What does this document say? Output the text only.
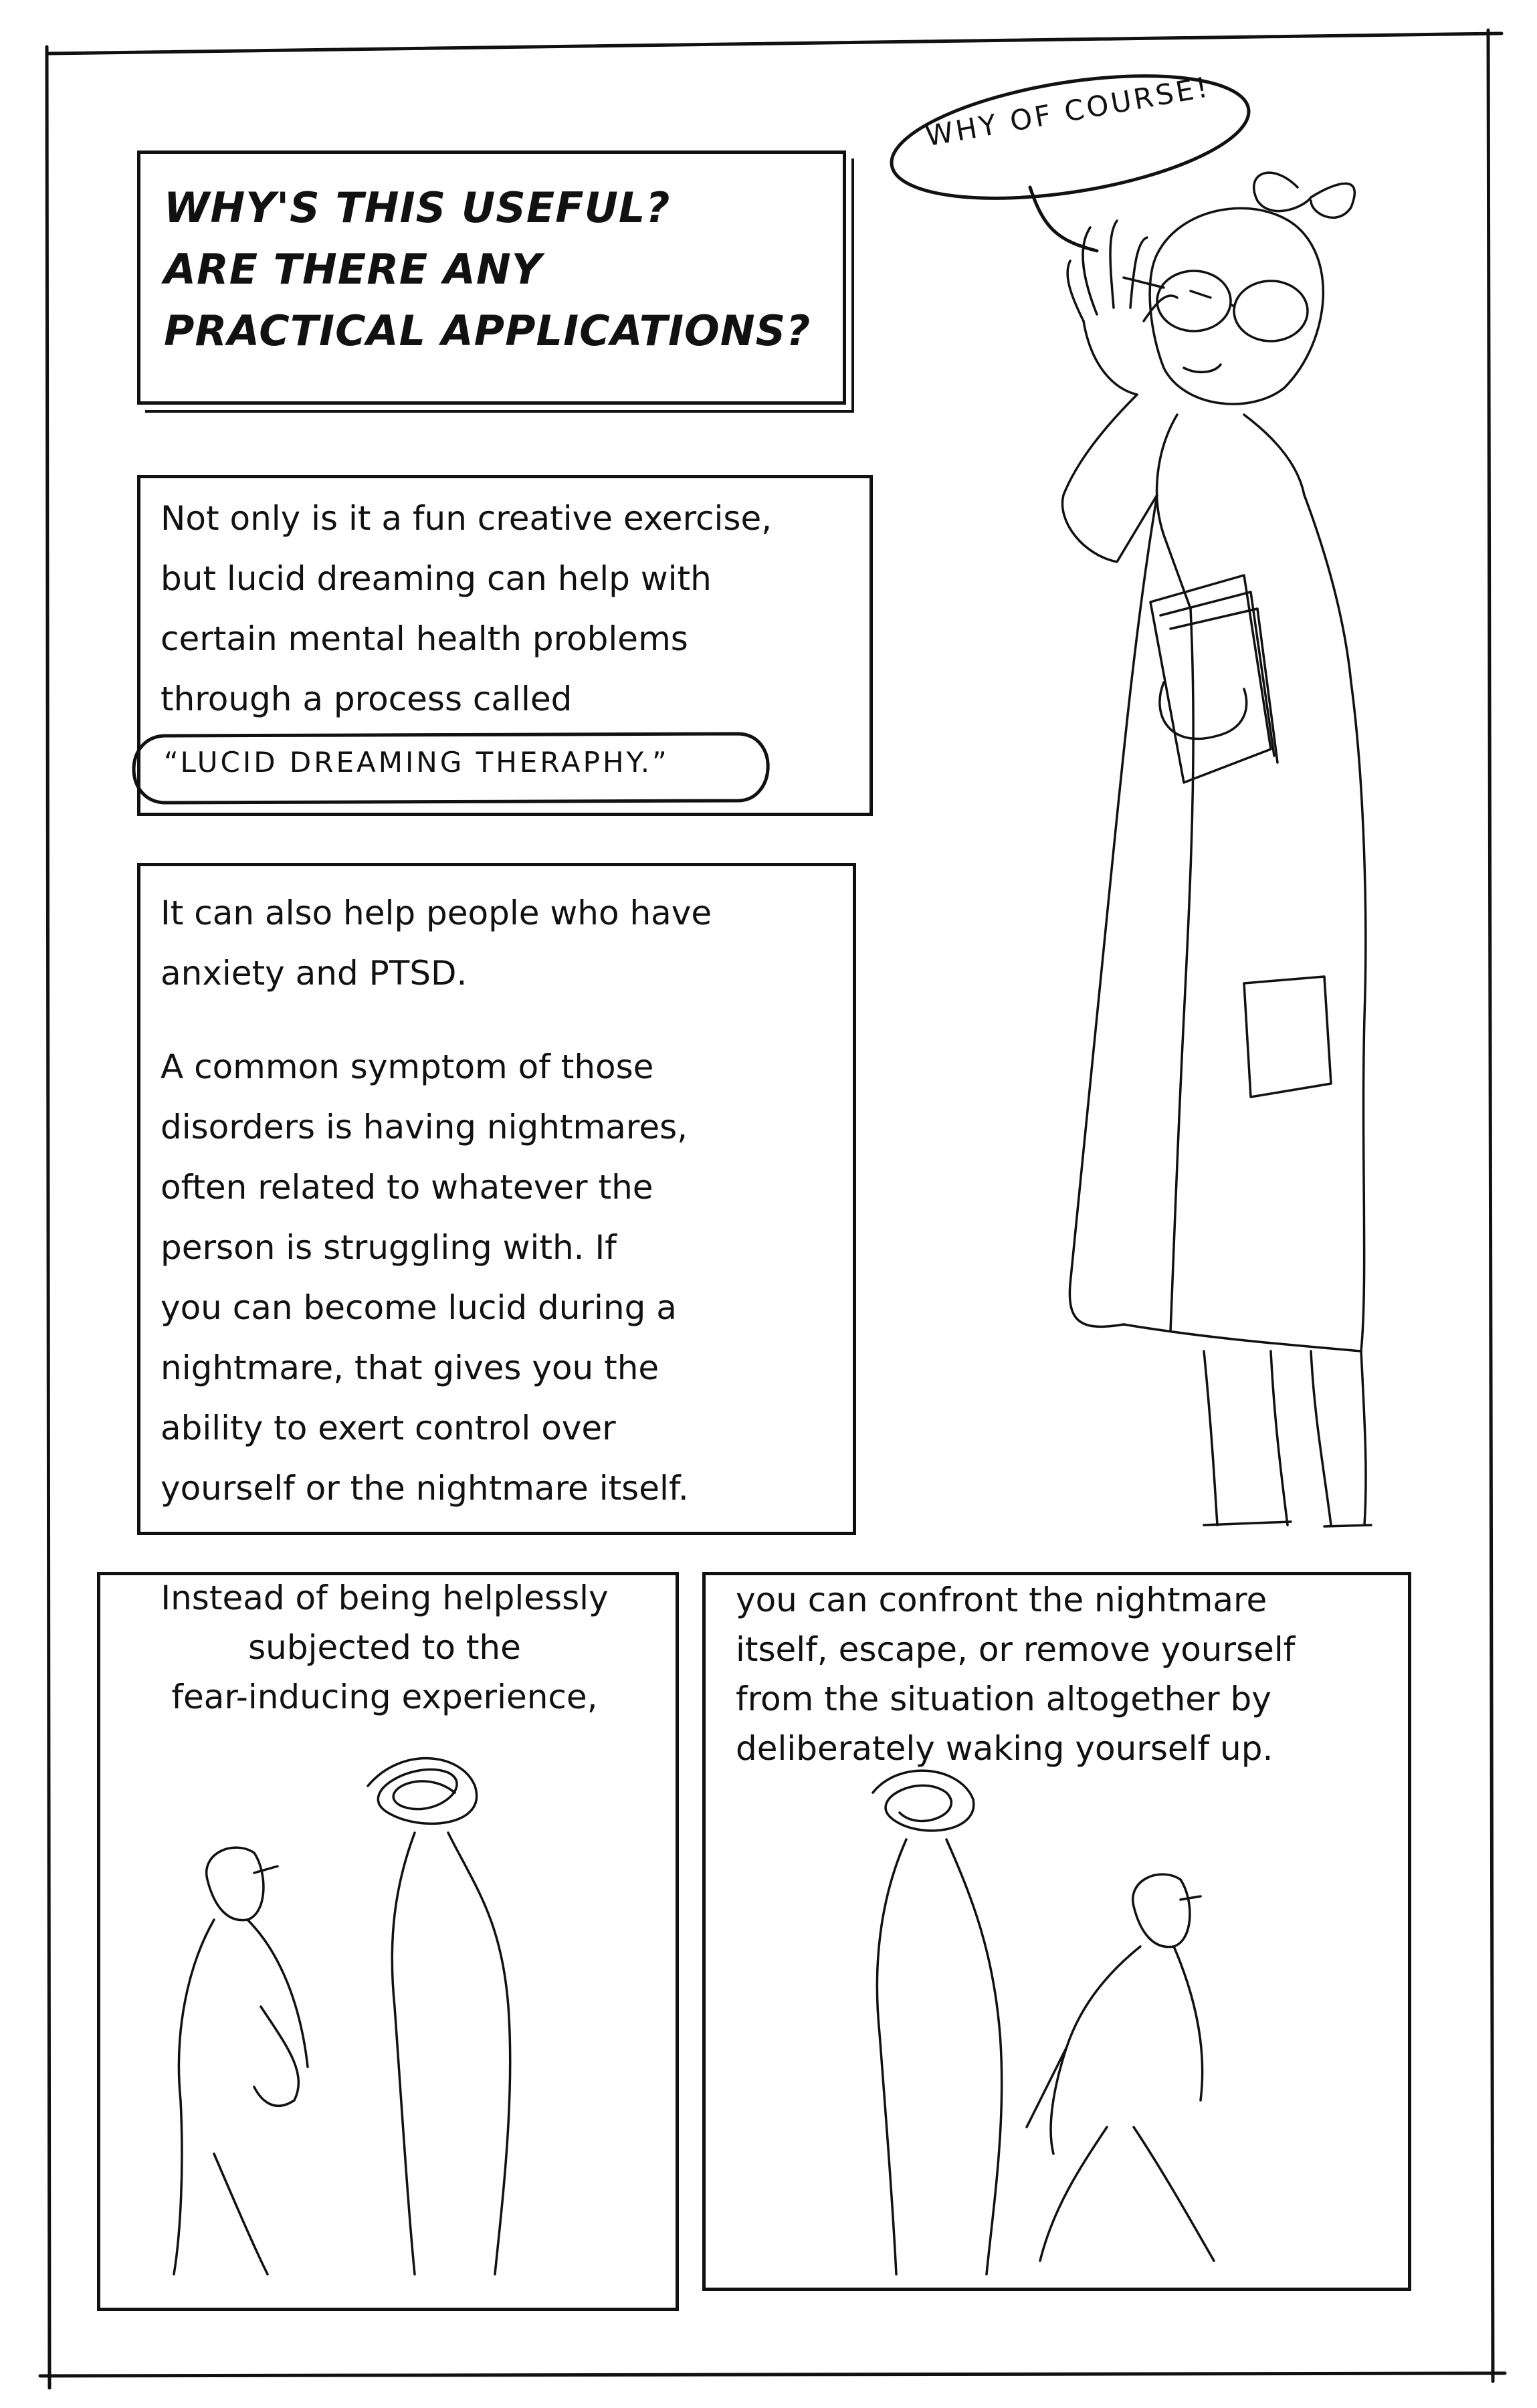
WHY OF COURSE!
WHY'S THIS USEFUL?
ARE THERE ANY
PRACTICAL APPLICATIONS?
Not only is it a fun creative exercise,
but lucid dreaming can help with
certain mental health problems
through a process called
“LUCID DREAMING THERAPHY.”
It can also help people who have
anxiety and PTSD.
A common symptom of those
disorders is having nightmares,
often related to whatever the
person is struggling with. If
you can become lucid during a
nightmare, that gives you the
ability to exert control over
yourself or the nightmare itself.
Instead of being helplessly
subjected to the
fear-inducing experience,
you can confront the nightmare
itself, escape, or remove yourself
from the situation altogether by
deliberately waking yourself up.
